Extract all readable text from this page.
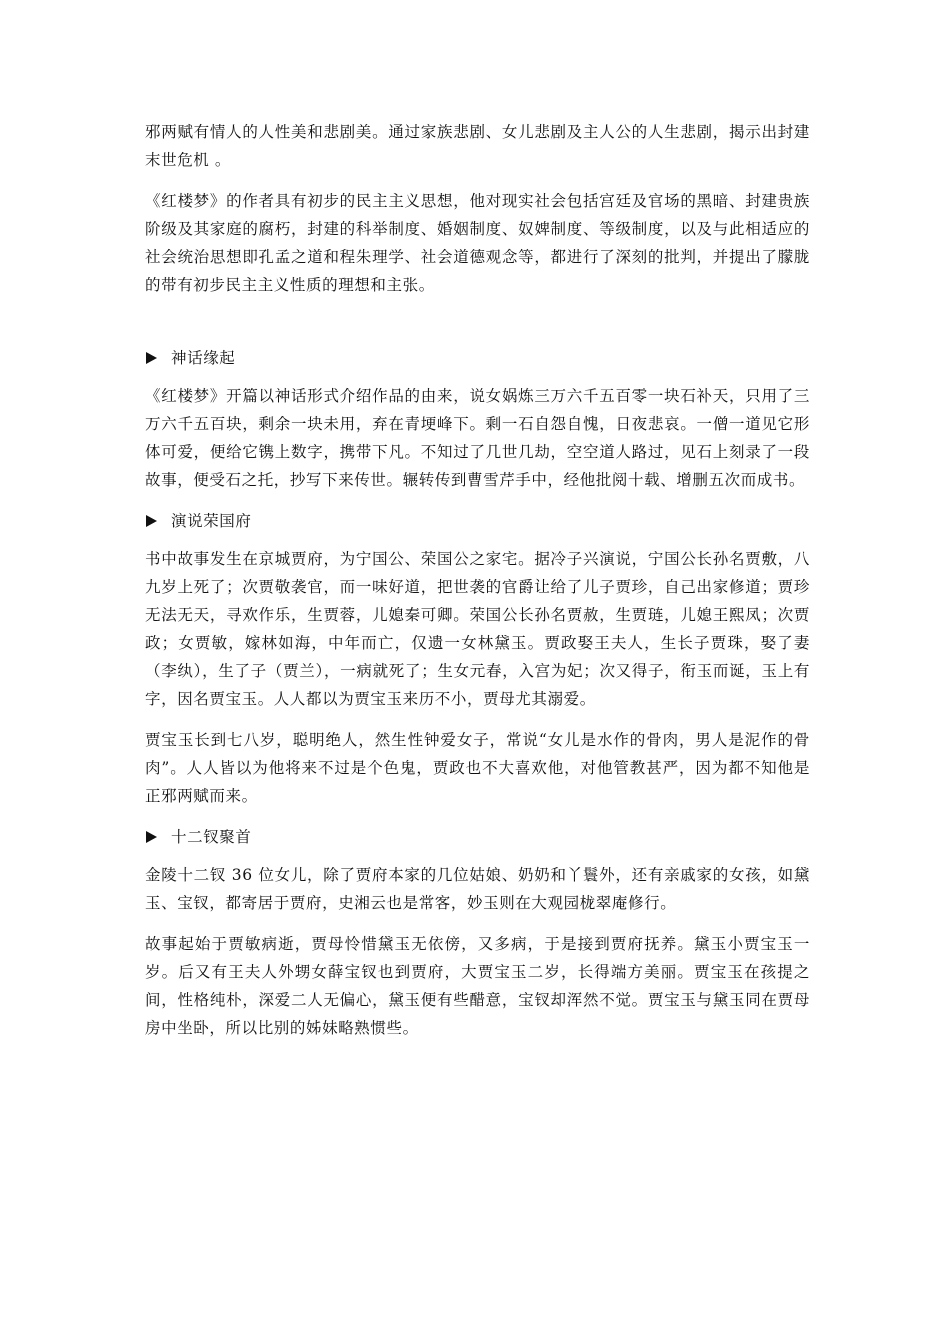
邪两赋有情人的人性美和悲剧美。通过家族悲剧、女儿悲剧及主人公的人生悲剧，揭示出封建末世危机 。

《红楼梦》的作者具有初步的民主主义思想，他对现实社会包括宫廷及官场的黑暗、封建贵族阶级及其家庭的腐朽，封建的科举制度、婚姻制度、奴婢制度、等级制度，以及与此相适应的社会统治思想即孔孟之道和程朱理学、社会道德观念等，都进行了深刻的批判，并提出了朦胧的带有初步民主主义性质的理想和主张。

神话缘起

《红楼梦》开篇以神话形式介绍作品的由来，说女娲炼三万六千五百零一块石补天，只用了三万六千五百块，剩余一块未用，弃在青埂峰下。剩一石自怨自愧，日夜悲哀。一僧一道见它形体可爱，便给它镌上数字，携带下凡。不知过了几世几劫，空空道人路过，见石上刻录了一段故事，便受石之托，抄写下来传世。辗转传到曹雪芹手中，经他批阅十载、增删五次而成书。

演说荣国府

书中故事发生在京城贾府，为宁国公、荣国公之家宅。据冷子兴演说，宁国公长孙名贾敷，八九岁上死了；次贾敬袭官，而一味好道，把世袭的官爵让给了儿子贾珍，自己出家修道；贾珍无法无天，寻欢作乐，生贾蓉，儿媳秦可卿。荣国公长孙名贾赦，生贾琏，儿媳王熙凤；次贾政；女贾敏，嫁林如海，中年而亡，仅遗一女林黛玉。贾政娶王夫人，生长子贾珠，娶了妻（李纨），生了子（贾兰），一病就死了；生女元春，入宫为妃；次又得子，衔玉而诞，玉上有字，因名贾宝玉。人人都以为贾宝玉来历不小，贾母尤其溺爱。

贾宝玉长到七八岁，聪明绝人，然生性钟爱女子，常说“女儿是水作的骨肉，男人是泥作的骨肉”。人人皆以为他将来不过是个色鬼，贾政也不大喜欢他，对他管教甚严，因为都不知他是正邪两赋而来。

十二钗聚首

金陵十二钗 36 位女儿，除了贾府本家的几位姑娘、奶奶和丫鬟外，还有亲戚家的女孩，如黛玉、宝钗，都寄居于贾府，史湘云也是常客，妙玉则在大观园栊翠庵修行。

故事起始于贾敏病逝，贾母怜惜黛玉无依傍，又多病，于是接到贾府抚养。黛玉小贾宝玉一岁。后又有王夫人外甥女薛宝钗也到贾府，大贾宝玉二岁，长得端方美丽。贾宝玉在孩提之间，性格纯朴，深爱二人无偏心，黛玉便有些醋意，宝钗却浑然不觉。贾宝玉与黛玉同在贾母房中坐卧，所以比别的姊妹略熟惯些。
